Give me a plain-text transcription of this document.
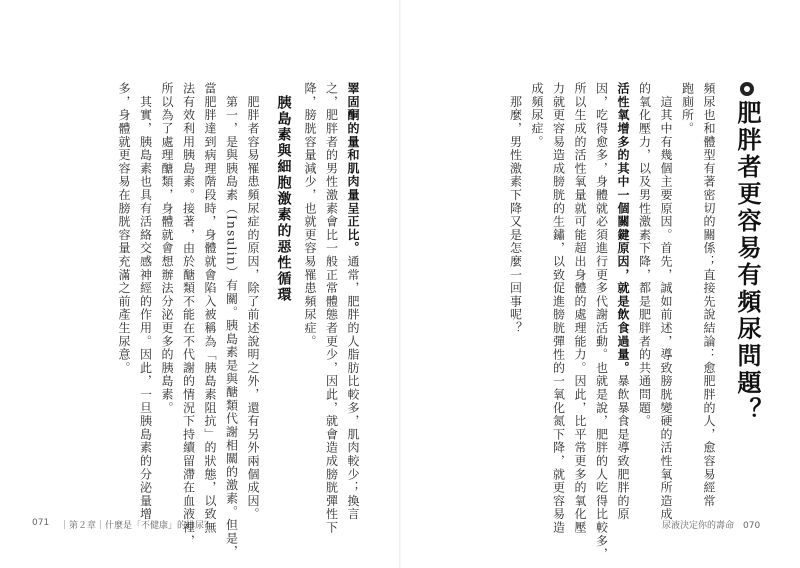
071 ｜第２章｜什麼是「不健康」的排尿？
睪固酮的量和肌肉量呈正比。通常，肥胖的人脂肪比較多，肌肉較少；換言
之，肥胖者的男性激素會比一般正常體態者更少，因此，就會造成膀胱彈性下
降，膀胱容量減少，也就更容易罹患頻尿症。
胰島素與細胞激素的惡性循環
　肥胖者容易罹患頻尿症的原因，除了前述說明之外，還有另外兩個成因。
　第一，是與胰島素（Insulin）有關。胰島素是與醣類代謝相關的激素。但是，
當肥胖達到病理階段時，身體就會陷入被稱為「胰島素阻抗」的狀態，以致無
法有效利用胰島素。接著，由於醣類不能在不代謝的情況下持續留滯在血液裡，
所以為了處理醣類，身體就會想辦法分泌更多的胰島素。
　其實，胰島素也具有活絡交感神經的作用。因此，一旦胰島素的分泌量增
多，身體就更容易在膀胱容量充滿之前產生尿意。	肥胖者更容易有頻尿問題？
尿液決定你的壽命　070
頻尿也和體型有著密切的關係；直接先說結論：愈肥胖的人，愈容易經常
跑廁所。
　這其中有幾個主要原因。首先，誠如前述，導致膀胱變硬的活性氧所造成
的氧化壓力，以及男性激素下降，都是肥胖者的共通問題。
活性氧增多的其中一個關鍵原因，就是飲食過量。暴飲暴食是導致肥胖的原
因，吃得愈多，身體就必須進行更多代謝活動。也就是說，肥胖的人吃得比較多，
所以生成的活性氧量就可能超出身體的處理能力。因此，比平常更多的氧化壓
力就更容易造成膀胱的生鏽，以致促進膀胱彈性的一氧化氮下降，就更容易造
成頻尿症。
　那麼，男性激素下降又是怎麼一回事呢？
